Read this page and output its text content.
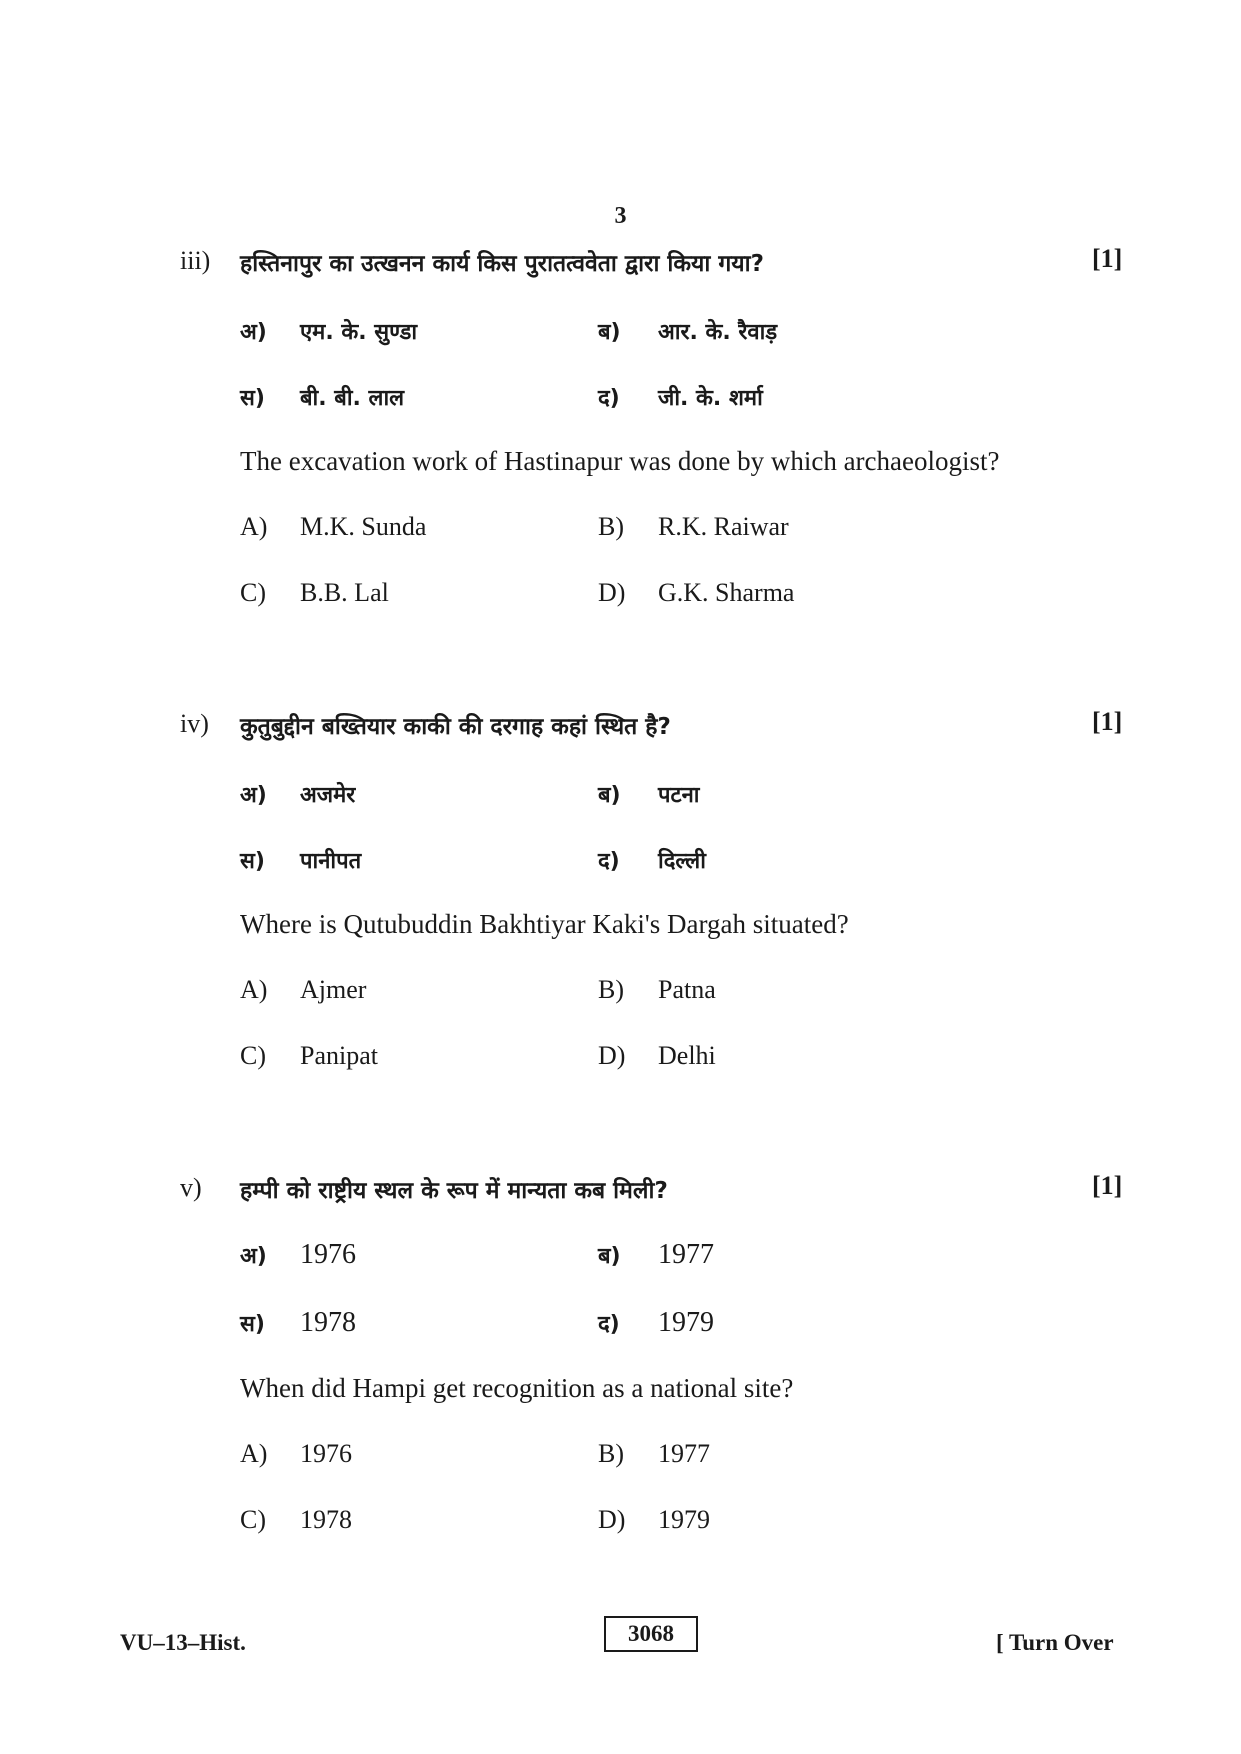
3
iii) हस्तिनापुर का उत्खनन कार्य किस पुरातत्ववेता द्वारा किया गया?	[1]
अ) एम. के. सुण्डा	ब) आर. के. रैवाड़
स) बी. बी. लाल	द) जी. के. शर्मा
The excavation work of Hastinapur was done by which archaeologist?
A) M.K. Sunda	B) R.K. Raiwar
C) B.B. Lal	D) G.K. Sharma
iv) कुतुबुद्दीन बख्तियार काकी की दरगाह कहां स्थित है?	[1]
अ) अजमेर	ब) पटना
स) पानीपत	द) दिल्ली
Where is Qutubuddin Bakhtiyar Kaki's Dargah situated?
A) Ajmer	B) Patna
C) Panipat	D) Delhi
v) हम्पी को राष्ट्रीय स्थल के रूप में मान्यता कब मिली?	[1]
अ) 1976	ब) 1977
स) 1978	द) 1979
When did Hampi get recognition as a national site?
A) 1976	B) 1977
C) 1978	D) 1979
VU–13–Hist.	3068	[ Turn Over
